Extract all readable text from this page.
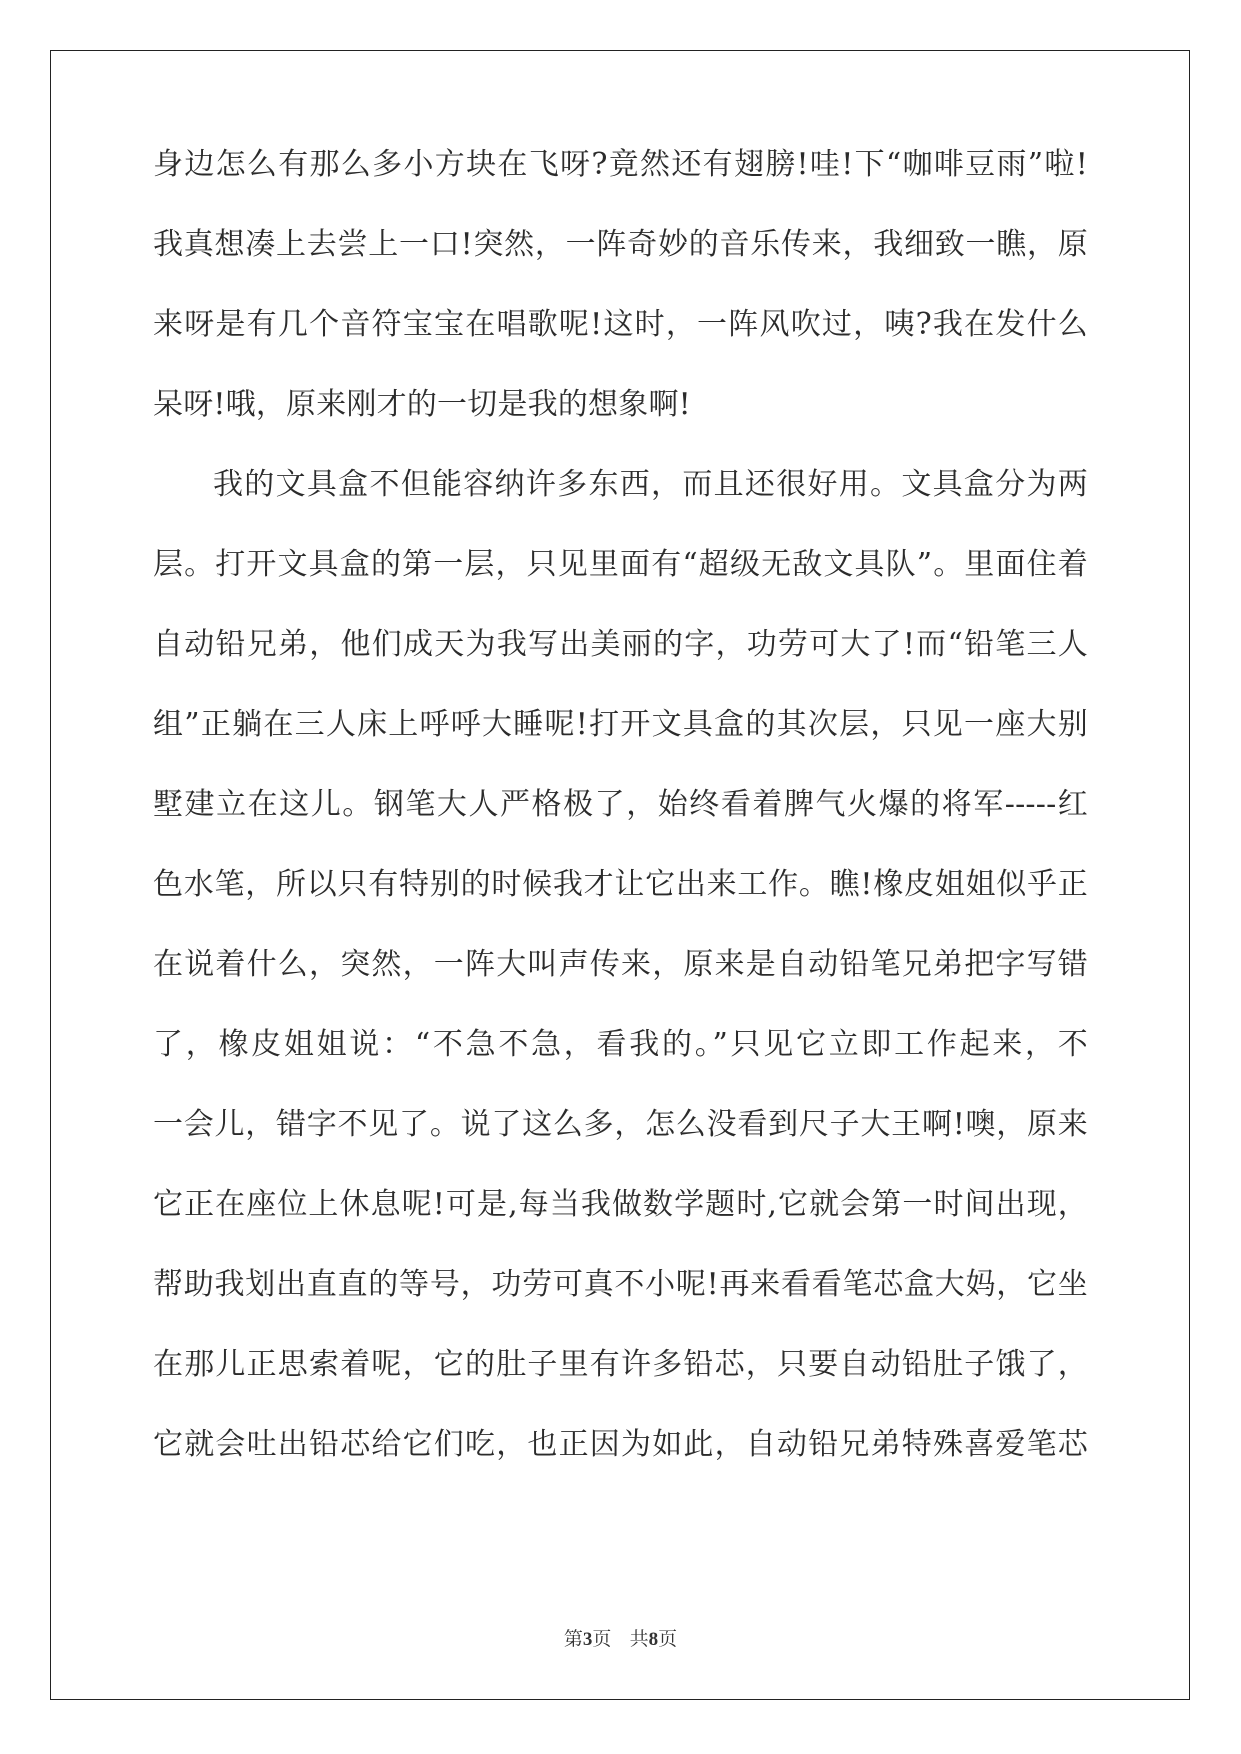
身边怎么有那么多小方块在飞呀?竟然还有翅膀!哇!下“咖啡豆雨”啦!
我真想凑上去尝上一口!突然，一阵奇妙的音乐传来，我细致一瞧，原
来呀是有几个音符宝宝在唱歌呢!这时，一阵风吹过，咦?我在发什么
呆呀!哦，原来刚才的一切是我的想象啊!
我的文具盒不但能容纳许多东西，而且还很好用。文具盒分为两
层。打开文具盒的第一层，只见里面有“超级无敌文具队”。里面住着
自动铅兄弟，他们成天为我写出美丽的字，功劳可大了!而“铅笔三人
组”正躺在三人床上呼呼大睡呢!打开文具盒的其次层，只见一座大别
墅建立在这儿。钢笔大人严格极了，始终看着脾气火爆的将军-----红
色水笔，所以只有特别的时候我才让它出来工作。瞧!橡皮姐姐似乎正
在说着什么，突然，一阵大叫声传来，原来是自动铅笔兄弟把字写错
了，橡皮姐姐说：“不急不急，看我的。”只见它立即工作起来，不
一会儿，错字不见了。说了这么多，怎么没看到尺子大王啊!噢，原来
它正在座位上休息呢!可是,每当我做数学题时,它就会第一时间出现，
帮助我划出直直的等号，功劳可真不小呢!再来看看笔芯盒大妈，它坐
在那儿正思索着呢，它的肚子里有许多铅芯，只要自动铅肚子饿了，
它就会吐出铅芯给它们吃，也正因为如此，自动铅兄弟特殊喜爱笔芯
第3页 共8页
